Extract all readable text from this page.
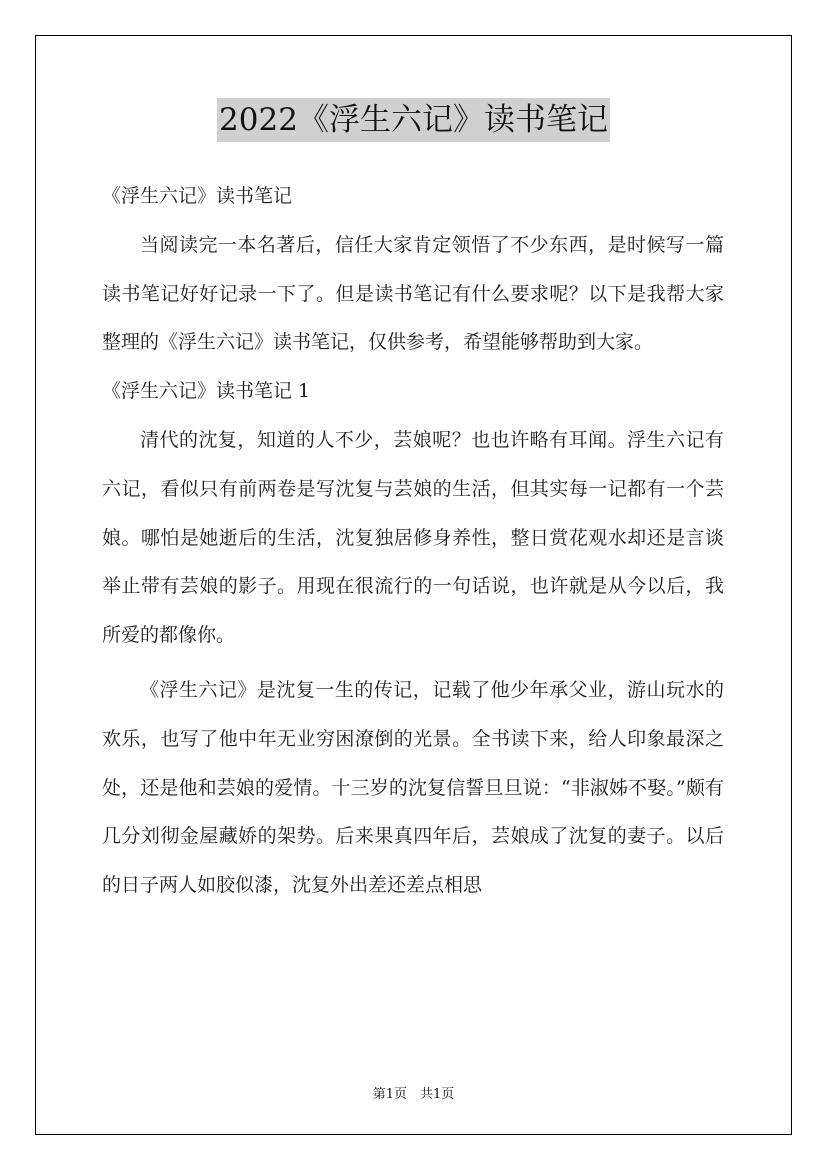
2022《浮生六记》读书笔记

《浮生六记》读书笔记

当阅读完一本名著后，信任大家肯定领悟了不少东西，是时候写一篇读书笔记好好记录一下了。但是读书笔记有什么要求呢？以下是我帮大家整理的《浮生六记》读书笔记，仅供参考，希望能够帮助到大家。

《浮生六记》读书笔记 1

清代的沈复，知道的人不少，芸娘呢？也也许略有耳闻。浮生六记有六记，看似只有前两卷是写沈复与芸娘的生活，但其实每一记都有一个芸娘。哪怕是她逝后的生活，沈复独居修身养性，整日赏花观水却还是言谈举止带有芸娘的影子。用现在很流行的一句话说，也许就是从今以后，我所爱的都像你。

《浮生六记》是沈复一生的传记，记载了他少年承父业，游山玩水的欢乐，也写了他中年无业穷困潦倒的光景。全书读下来，给人印象最深之处，还是他和芸娘的爱情。十三岁的沈复信誓旦旦说：“非淑姊不娶。”颇有几分刘彻金屋藏娇的架势。后来果真四年后，芸娘成了沈复的妻子。以后的日子两人如胶似漆，沈复外出差还差点相思

第1页　共1页
